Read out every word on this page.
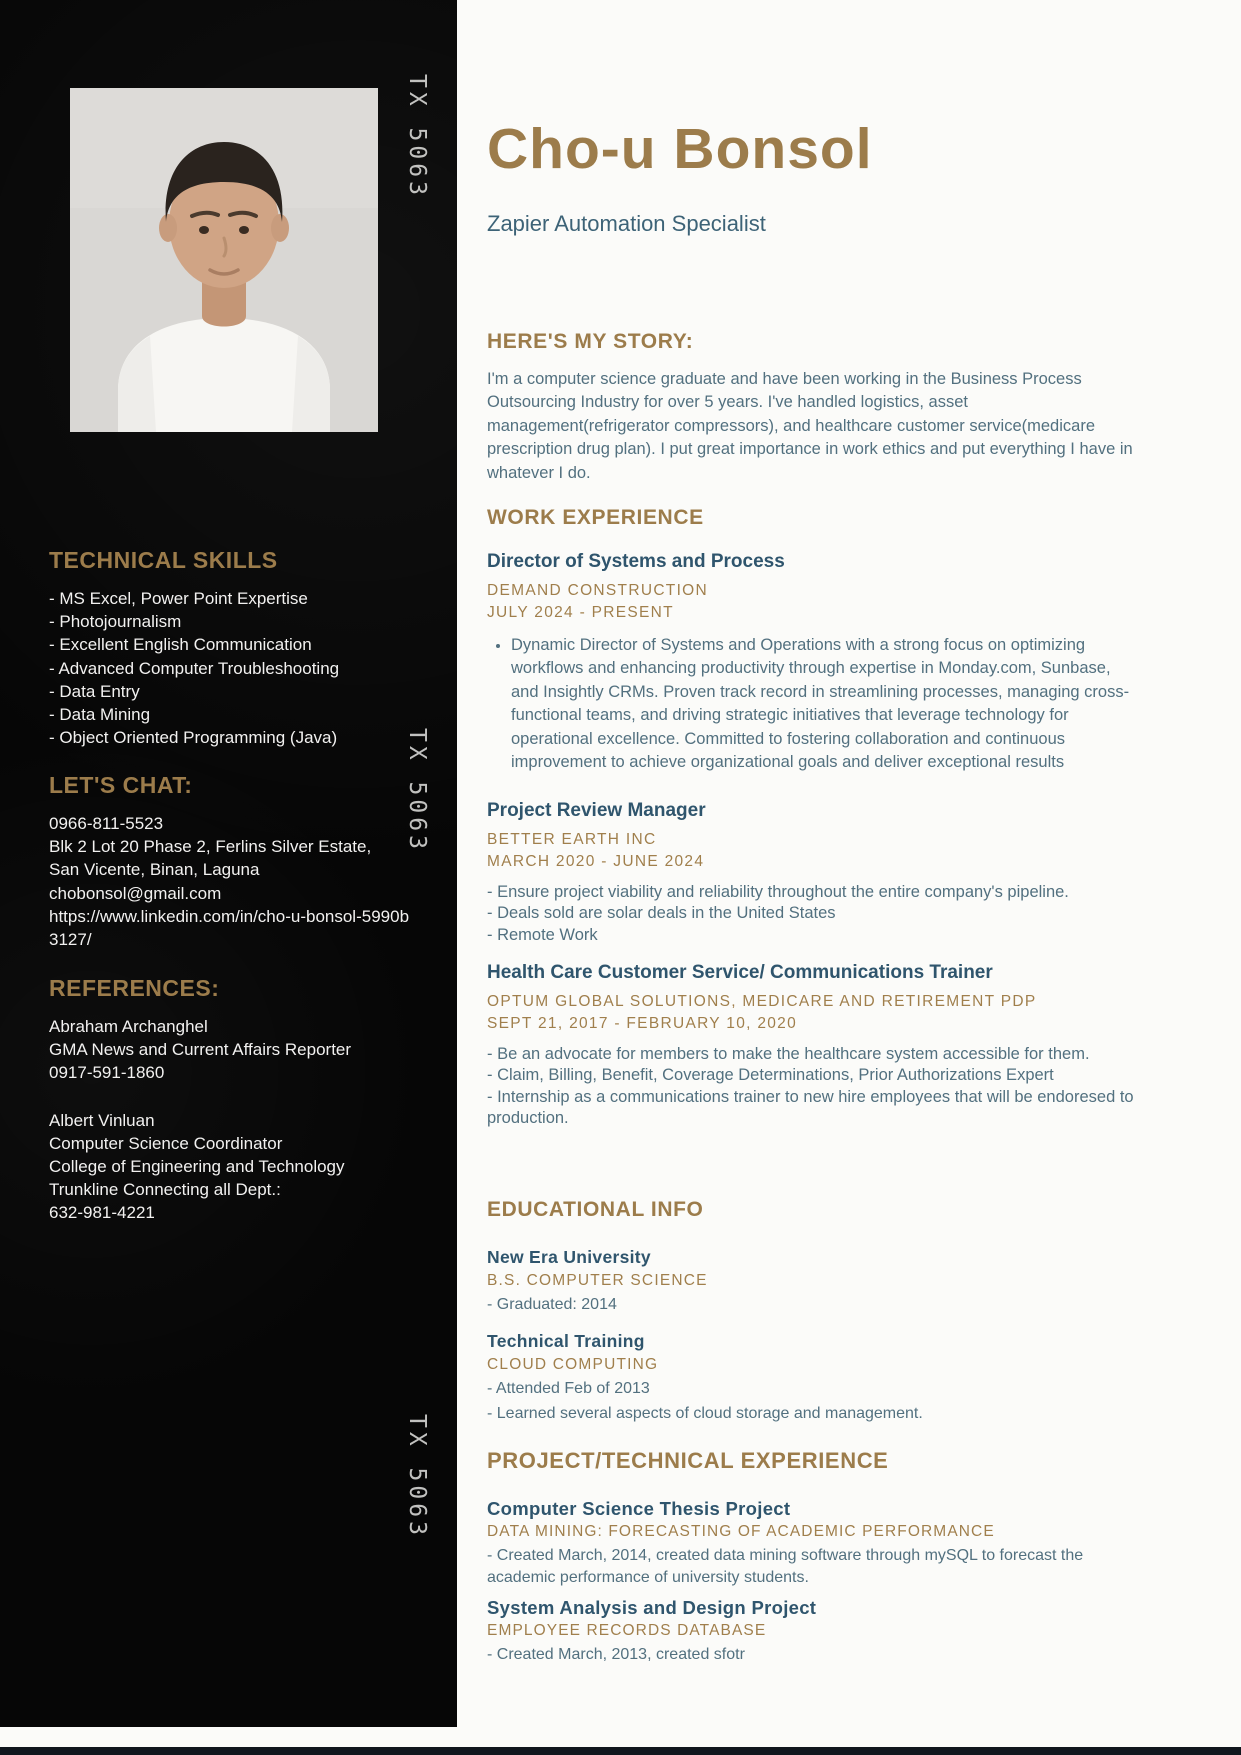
TX 5063
TX 5063
TX 5063
TECHNICAL SKILLS
- MS Excel, Power Point Expertise
- Photojournalism
- Excellent English Communication
- Advanced Computer Troubleshooting
- Data Entry
- Data Mining
- Object Oriented Programming (Java)
LET'S CHAT:
0966-811-5523
Blk 2 Lot 20 Phase 2, Ferlins Silver Estate,
San Vicente, Binan, Laguna
chobonsol@gmail.com
https://www.linkedin.com/in/cho-u-bonsol-5990b3127/
REFERENCES:
Abraham Archanghel
GMA News and Current Affairs Reporter
0917-591-1860
Albert Vinluan
Computer Science Coordinator
College of Engineering and Technology
Trunkline Connecting all Dept.:
632-981-4221
Cho-u Bonsol
Zapier Automation Specialist
HERE'S MY STORY:
I'm a computer science graduate and have been working in the Business Process Outsourcing Industry for over 5 years. I've handled logistics, asset management(refrigerator compressors), and healthcare customer service(medicare prescription drug plan). I put great importance in work ethics and put everything I have in whatever I do.
WORK EXPERIENCE
Director of Systems and Process
DEMAND CONSTRUCTION
JULY 2024 - PRESENT
• Dynamic Director of Systems and Operations with a strong focus on optimizing workflows and enhancing productivity through expertise in Monday.com, Sunbase, and Insightly CRMs. Proven track record in streamlining processes, managing cross-functional teams, and driving strategic initiatives that leverage technology for operational excellence. Committed to fostering collaboration and continuous improvement to achieve organizational goals and deliver exceptional results
Project Review Manager
BETTER EARTH INC
MARCH 2020 - JUNE 2024
- Ensure project viability and reliability throughout the entire company's pipeline.
- Deals sold are solar deals in the United States
- Remote Work
Health Care Customer Service/ Communications Trainer
OPTUM GLOBAL SOLUTIONS, MEDICARE AND RETIREMENT PDP
SEPT 21, 2017 - FEBRUARY 10, 2020
- Be an advocate for members to make the healthcare system accessible for them.
- Claim, Billing, Benefit, Coverage Determinations, Prior Authorizations Expert
- Internship as a communications trainer to new hire employees that will be endoresed to production.
EDUCATIONAL INFO
New Era University
B.S. COMPUTER SCIENCE
- Graduated: 2014
Technical Training
CLOUD COMPUTING
- Attended Feb of 2013
- Learned several aspects of cloud storage and management.
PROJECT/TECHNICAL EXPERIENCE
Computer Science Thesis Project
DATA MINING: FORECASTING OF ACADEMIC PERFORMANCE
- Created March, 2014, created data mining software through mySQL to forecast the academic performance of university students.
System Analysis and Design Project
EMPLOYEE RECORDS DATABASE
- Created March, 2013, created sfotr
